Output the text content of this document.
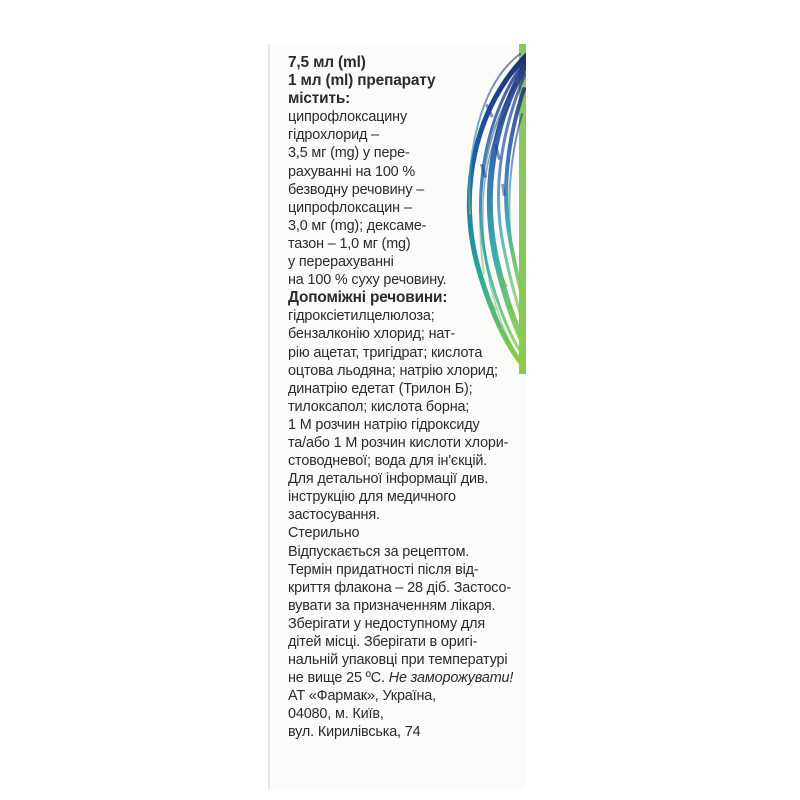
7,5 мл (ml)

1 мл (ml) препарату

містить:

ципрофлоксацину

гідрохлорид –

3,5 мг (mg) у пере-

рахуванні на 100 %

безводну речовину –

ципрофлоксацин –

3,0 мг (mg); дексаме-

тазон – 1,0 мг (mg)

у перерахуванні

на 100 % суху речовину.

Допоміжні речовини:

гідроксіетилцелюлоза;

бензалконію хлорид; нат-

рію ацетат, тригідрат; кислота

оцтова льодяна; натрію хлорид;

динатрію едетат (Трилон Б);

тилоксапол; кислота борна;

1 М розчин натрію гідроксиду

та/або 1 М розчин кислоти хлори-

стоводневої; вода для ін'єкцій.

Для детальної інформації див.

інструкцію для медичного

застосування.

Стерильно

Відпускається за рецептом.

Термін придатності після від-

криття флакона – 28 діб. Застосо-

вувати за призначенням лікаря.

Зберігати у недоступному для

дітей місці. Зберігати в оригі-

нальній упаковці при температурі

не вище 25 ºС. Не заморожувати!

АТ «Фармак», Україна,

04080, м. Київ,

вул. Кирилівська, 74
